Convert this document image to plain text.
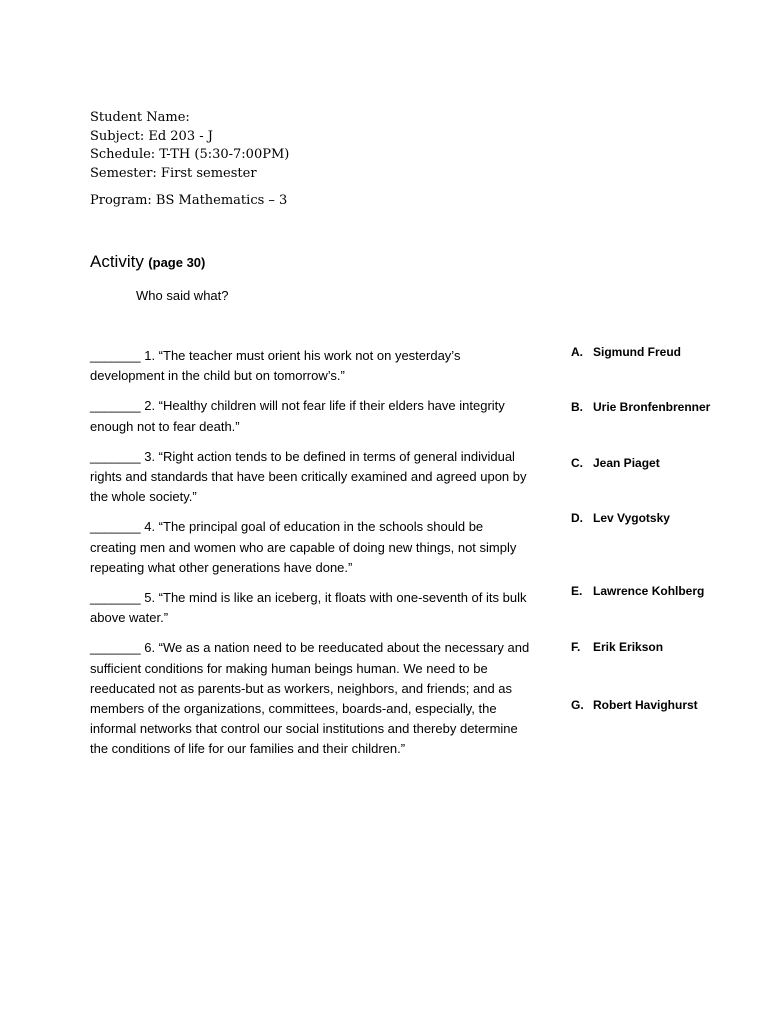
Student Name:
Subject: Ed 203 - J
Schedule: T-TH (5:30-7:00PM)
Semester: First semester
Program: BS Mathematics – 3
Activity (page 30)
Who said what?

_______ 1. “The teacher must orient his work not on yesterday’s development in the child but on tomorrow’s.”

_______ 2. “Healthy children will not fear life if their elders have integrity enough not to fear death.”

_______ 3. “Right action tends to be defined in terms of general individual rights and standards that have been critically examined and agreed upon by the whole society.”

_______ 4. “The principal goal of education in the schools should be creating men and women who are capable of doing new things, not simply repeating what other generations have done.”

_______ 5. “The mind is like an iceberg, it floats with one-seventh of its bulk above water.”

_______ 6. “We as a nation need to be reeducated about the necessary and sufficient conditions for making human beings human. We need to be reeducated not as parents-but as workers, neighbors, and friends; and as members of the organizations, committees, boards-and, especially, the informal networks that control our social institutions and thereby determine the conditions of life for our families and their children.”

A. Sigmund Freud
B. Urie Bronfenbrenner
C. Jean Piaget
D. Lev Vygotsky
E. Lawrence Kohlberg
F. Erik Erikson
G. Robert Havighurst
